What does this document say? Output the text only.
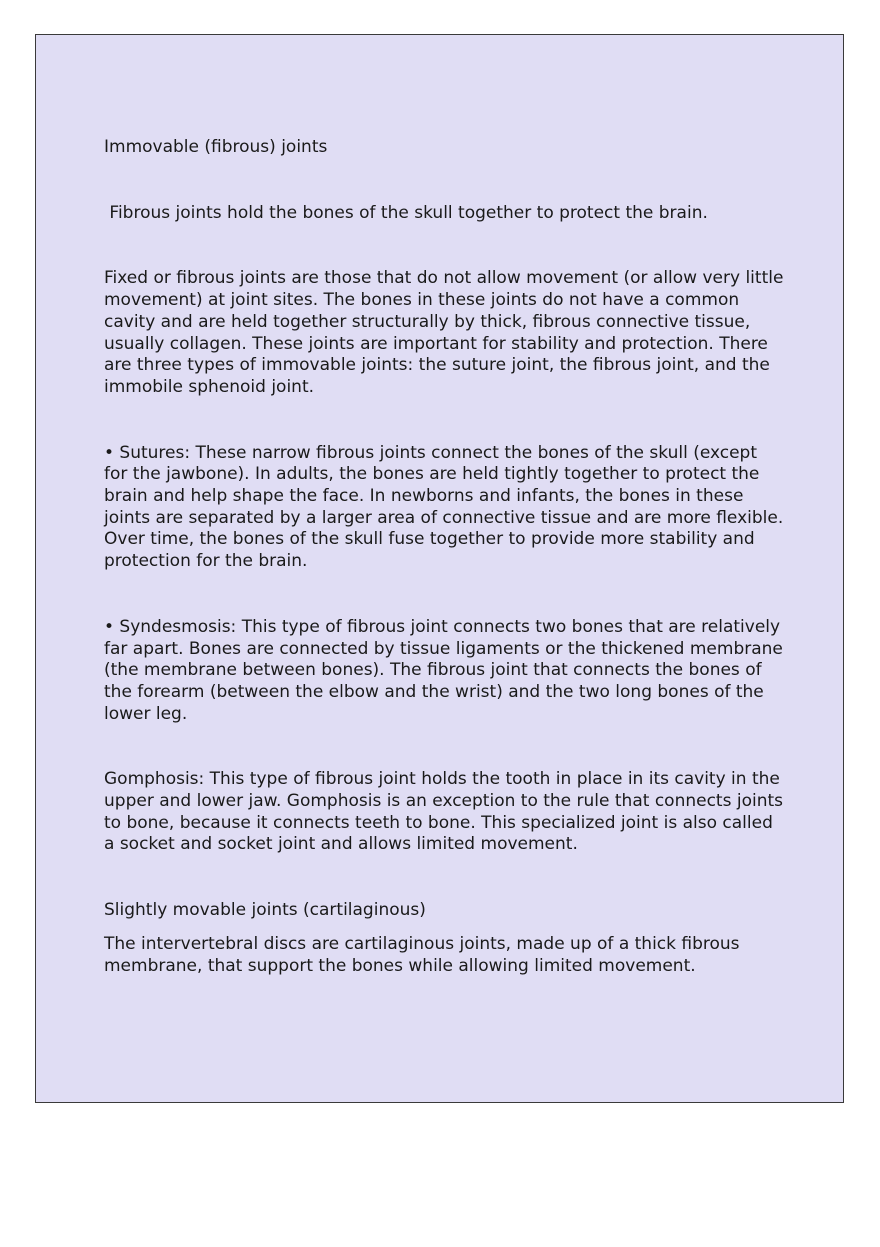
Immovable (fibrous) joints

Fibrous joints hold the bones of the skull together to protect the brain.

Fixed or fibrous joints are those that do not allow movement (or allow very little movement) at joint sites. The bones in these joints do not have a common cavity and are held together structurally by thick, fibrous connective tissue, usually collagen. These joints are important for stability and protection. There are three types of immovable joints: the suture joint, the fibrous joint, and the immobile sphenoid joint.

• Sutures: These narrow fibrous joints connect the bones of the skull (except for the jawbone). In adults, the bones are held tightly together to protect the brain and help shape the face. In newborns and infants, the bones in these joints are separated by a larger area of connective tissue and are more flexible. Over time, the bones of the skull fuse together to provide more stability and protection for the brain.

• Syndesmosis: This type of fibrous joint connects two bones that are relatively far apart. Bones are connected by tissue ligaments or the thickened membrane (the membrane between bones). The fibrous joint that connects the bones of the forearm (between the elbow and the wrist) and the two long bones of the lower leg.

Gomphosis: This type of fibrous joint holds the tooth in place in its cavity in the upper and lower jaw. Gomphosis is an exception to the rule that connects joints to bone, because it connects teeth to bone. This specialized joint is also called a socket and socket joint and allows limited movement.

Slightly movable joints (cartilaginous)

The intervertebral discs are cartilaginous joints, made up of a thick fibrous membrane, that support the bones while allowing limited movement.
